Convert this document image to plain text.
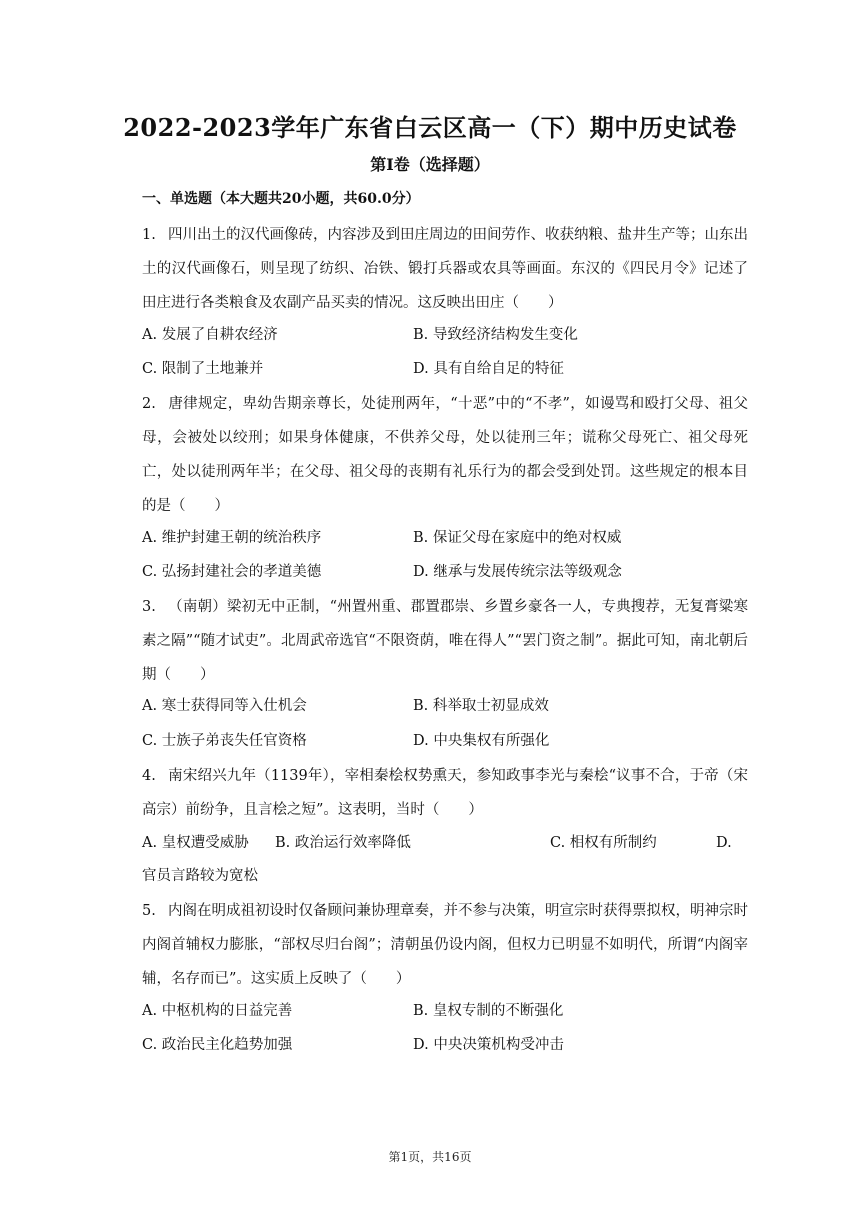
2022-2023学年广东省白云区高一（下）期中历史试卷
第I卷（选择题）
一、单选题（本大题共20小题，共60.0分）
1. 四川出土的汉代画像砖，内容涉及到田庄周边的田间劳作、收获纳粮、盐井生产等；山东出土的汉代画像石，则呈现了纺织、冶铁、锻打兵器或农具等画面。东汉的《四民月令》记述了田庄进行各类粮食及农副产品买卖的情况。这反映出田庄（　　）
A. 发展了自耕农经济	B. 导致经济结构发生变化
C. 限制了土地兼并	D. 具有自给自足的特征
2. 唐律规定，卑幼告期亲尊长，处徒刑两年，“十恶”中的“不孝”，如谩骂和殴打父母、祖父母，会被处以绞刑；如果身体健康，不供养父母，处以徒刑三年；谎称父母死亡、祖父母死亡，处以徒刑两年半；在父母、祖父母的丧期有礼乐行为的都会受到处罚。这些规定的根本目的是（　　）
A. 维护封建王朝的统治秩序	B. 保证父母在家庭中的绝对权威
C. 弘扬封建社会的孝道美德	D. 继承与发展传统宗法等级观念
3. （南朝）梁初无中正制，“州置州重、郡置郡崇、乡置乡豪各一人，专典搜荐，无复膏粱寒素之隔”“随才试吏”。北周武帝选官“不限资荫，唯在得人”“罢门资之制”。据此可知，南北朝后期（　　）
A. 寒士获得同等入仕机会	B. 科举取士初显成效
C. 士族子弟丧失任官资格	D. 中央集权有所强化
4. 南宋绍兴九年（1139年），宰相秦桧权势熏天，参知政事李光与秦桧“议事不合，于帝（宋高宗）前纷争，且言桧之短”。这表明，当时（　　）
A. 皇权遭受威胁 B. 政治运行效率降低	C. 相权有所制约	D.
官员言路较为宽松
5. 内阁在明成祖初设时仅备顾问兼协理章奏，并不参与决策，明宣宗时获得票拟权，明神宗时内阁首辅权力膨胀，“部权尽归台阁”；清朝虽仍设内阁，但权力已明显不如明代，所谓“内阁宰辅，名存而已”。这实质上反映了（　　）
A. 中枢机构的日益完善	B. 皇权专制的不断强化
C. 政治民主化趋势加强	D. 中央决策机构受冲击
第1页，共16页
